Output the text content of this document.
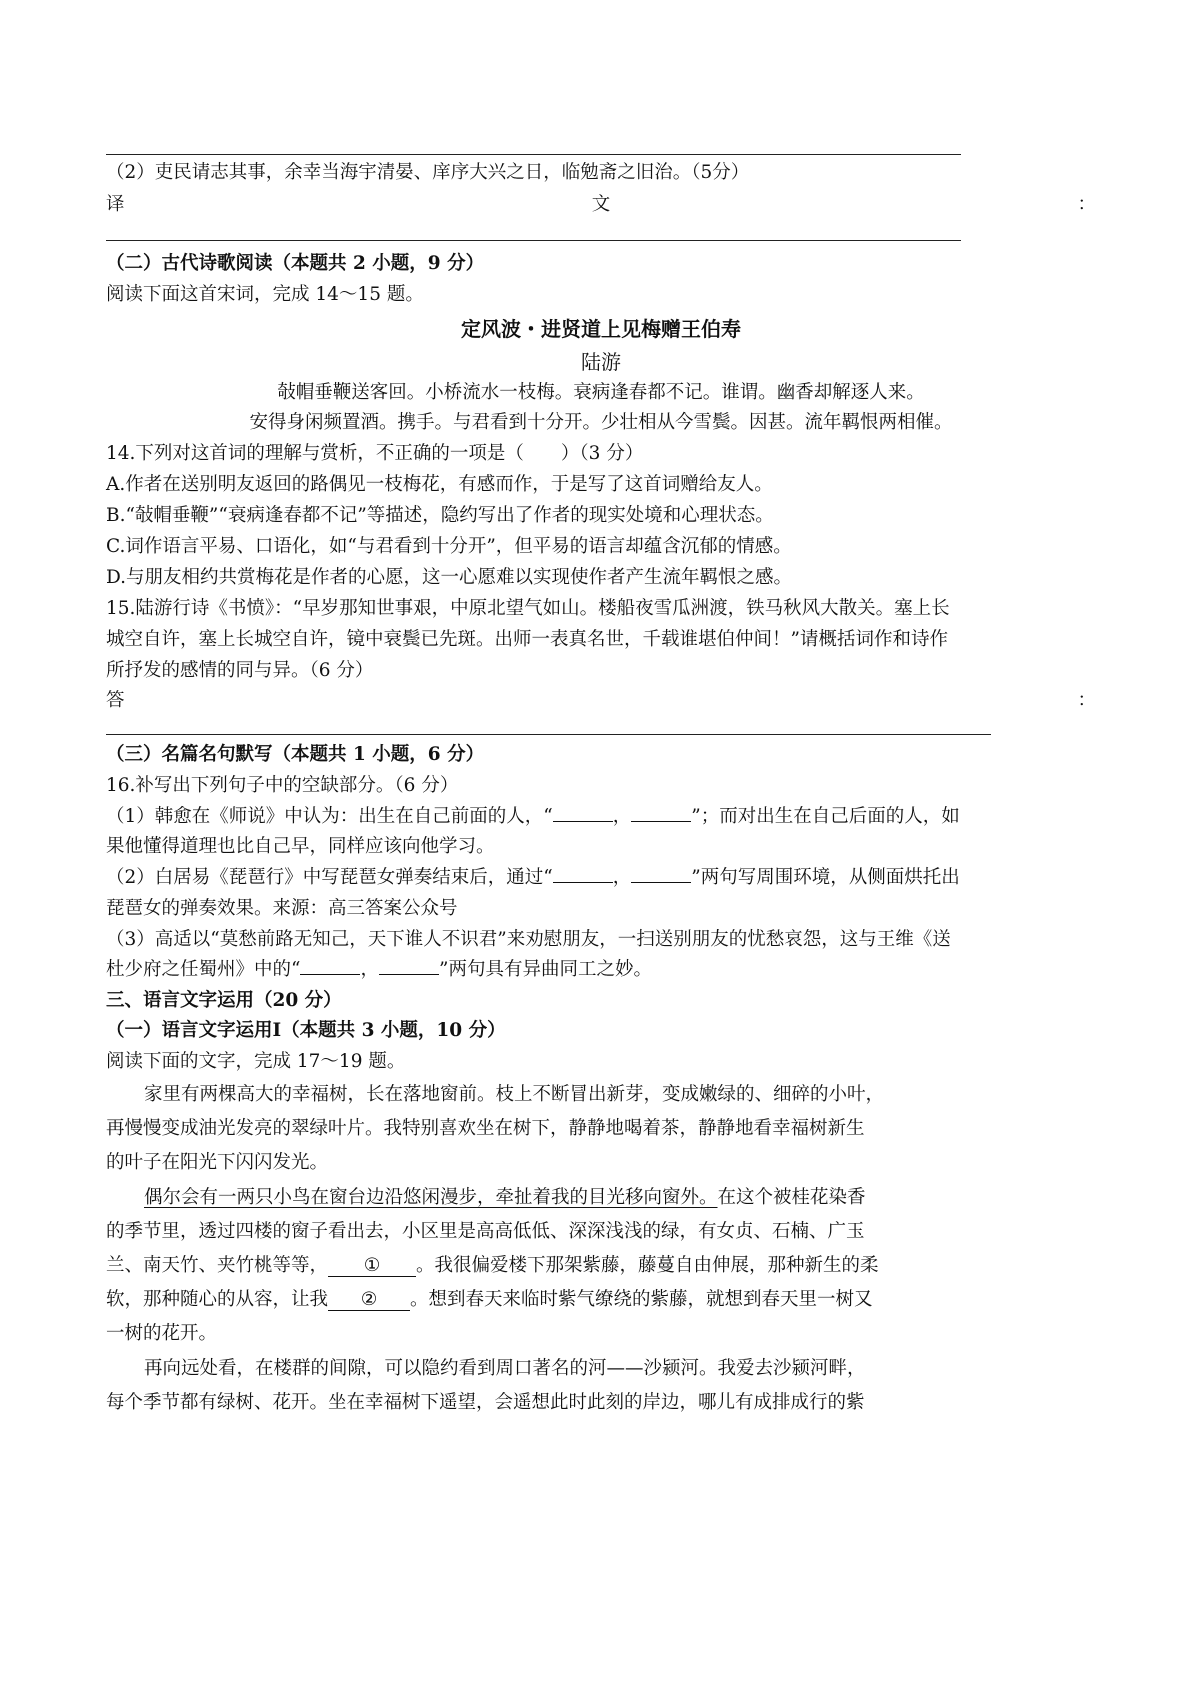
（2）吏民请志其事，余幸当海宇清晏、庠序大兴之日，临勉斋之旧治。（5分）
译	文	：
（二）古代诗歌阅读（本题共 2 小题，9 分）
阅读下面这首宋词，完成 14～15 题。
定风波・进贤道上见梅赠王伯寿
陆游
敧帽垂鞭送客回。小桥流水一枝梅。衰病逢春都不记。谁谓。幽香却解逐人来。
安得身闲频置酒。携手。与君看到十分开。少壮相从今雪鬓。因甚。流年羁恨两相催。
14.下列对这首词的理解与赏析，不正确的一项是（　　）（3 分）
A.作者在送别明友返回的路偶见一枝梅花，有感而作，于是写了这首词赠给友人。
B.“敧帽垂鞭”“衰病逢春都不记”等描述，隐约写出了作者的现实处境和心理状态。
C.词作语言平易、口语化，如“与君看到十分开”，但平易的语言却蕴含沉郁的情感。
D.与朋友相约共赏梅花是作者的心愿，这一心愿难以实现使作者产生流年羁恨之感。
15.陆游行诗《书愤》：“早岁那知世事艰，中原北望气如山。楼船夜雪瓜洲渡，铁马秋风大散关。塞上长
城空自许，塞上长城空自许，镜中衰鬓已先斑。出师一表真名世，千载谁堪伯仲间！”请概括词作和诗作
所抒发的感情的同与异。（6 分）
答	：
（三）名篇名句默写（本题共 1 小题，6 分）
16.补写出下列句子中的空缺部分。（6 分）
（1）韩愈在《师说》中认为：出生在自己前面的人，“	，	”；而对出生在自己后面的人，如
果他懂得道理也比自己早，同样应该向他学习。
（2）白居易《琵琶行》中写琵琶女弹奏结束后，通过“	，	”两句写周围环境，从侧面烘托出
琵琶女的弹奏效果。来源：高三答案公众号
（3）高适以“莫愁前路无知己，天下谁人不识君”来劝慰朋友，一扫送别朋友的忧愁哀怨，这与王维《送
杜少府之任蜀州》中的“	，	”两句具有异曲同工之妙。
三、语言文字运用（20 分）
（一）语言文字运用Ⅰ（本题共 3 小题，10 分）
阅读下面的文字，完成 17～19 题。
家里有两棵高大的幸福树，长在落地窗前。枝上不断冒出新芽，变成嫩绿的、细碎的小叶，
再慢慢变成油光发亮的翠绿叶片。我特别喜欢坐在树下，静静地喝着茶，静静地看幸福树新生
的叶子在阳光下闪闪发光。
偶尔会有一两只小鸟在窗台边沿悠闲漫步，牵扯着我的目光移向窗外。在这个被桂花染香
的季节里，透过四楼的窗子看出去，小区里是高高低低、深深浅浅的绿，有女贞、石楠、广玉
兰、南天竹、夹竹桃等等， ① 。我很偏爱楼下那架紫藤，藤蔓自由伸展，那种新生的柔
软，那种随心的从容，让我 ② 。想到春天来临时紫气缭绕的紫藤，就想到春天里一树又
一树的花开。
再向远处看，在楼群的间隙，可以隐约看到周口著名的河——沙颍河。我爱去沙颍河畔，
每个季节都有绿树、花开。坐在幸福树下遥望，会遥想此时此刻的岸边，哪儿有成排成行的紫
